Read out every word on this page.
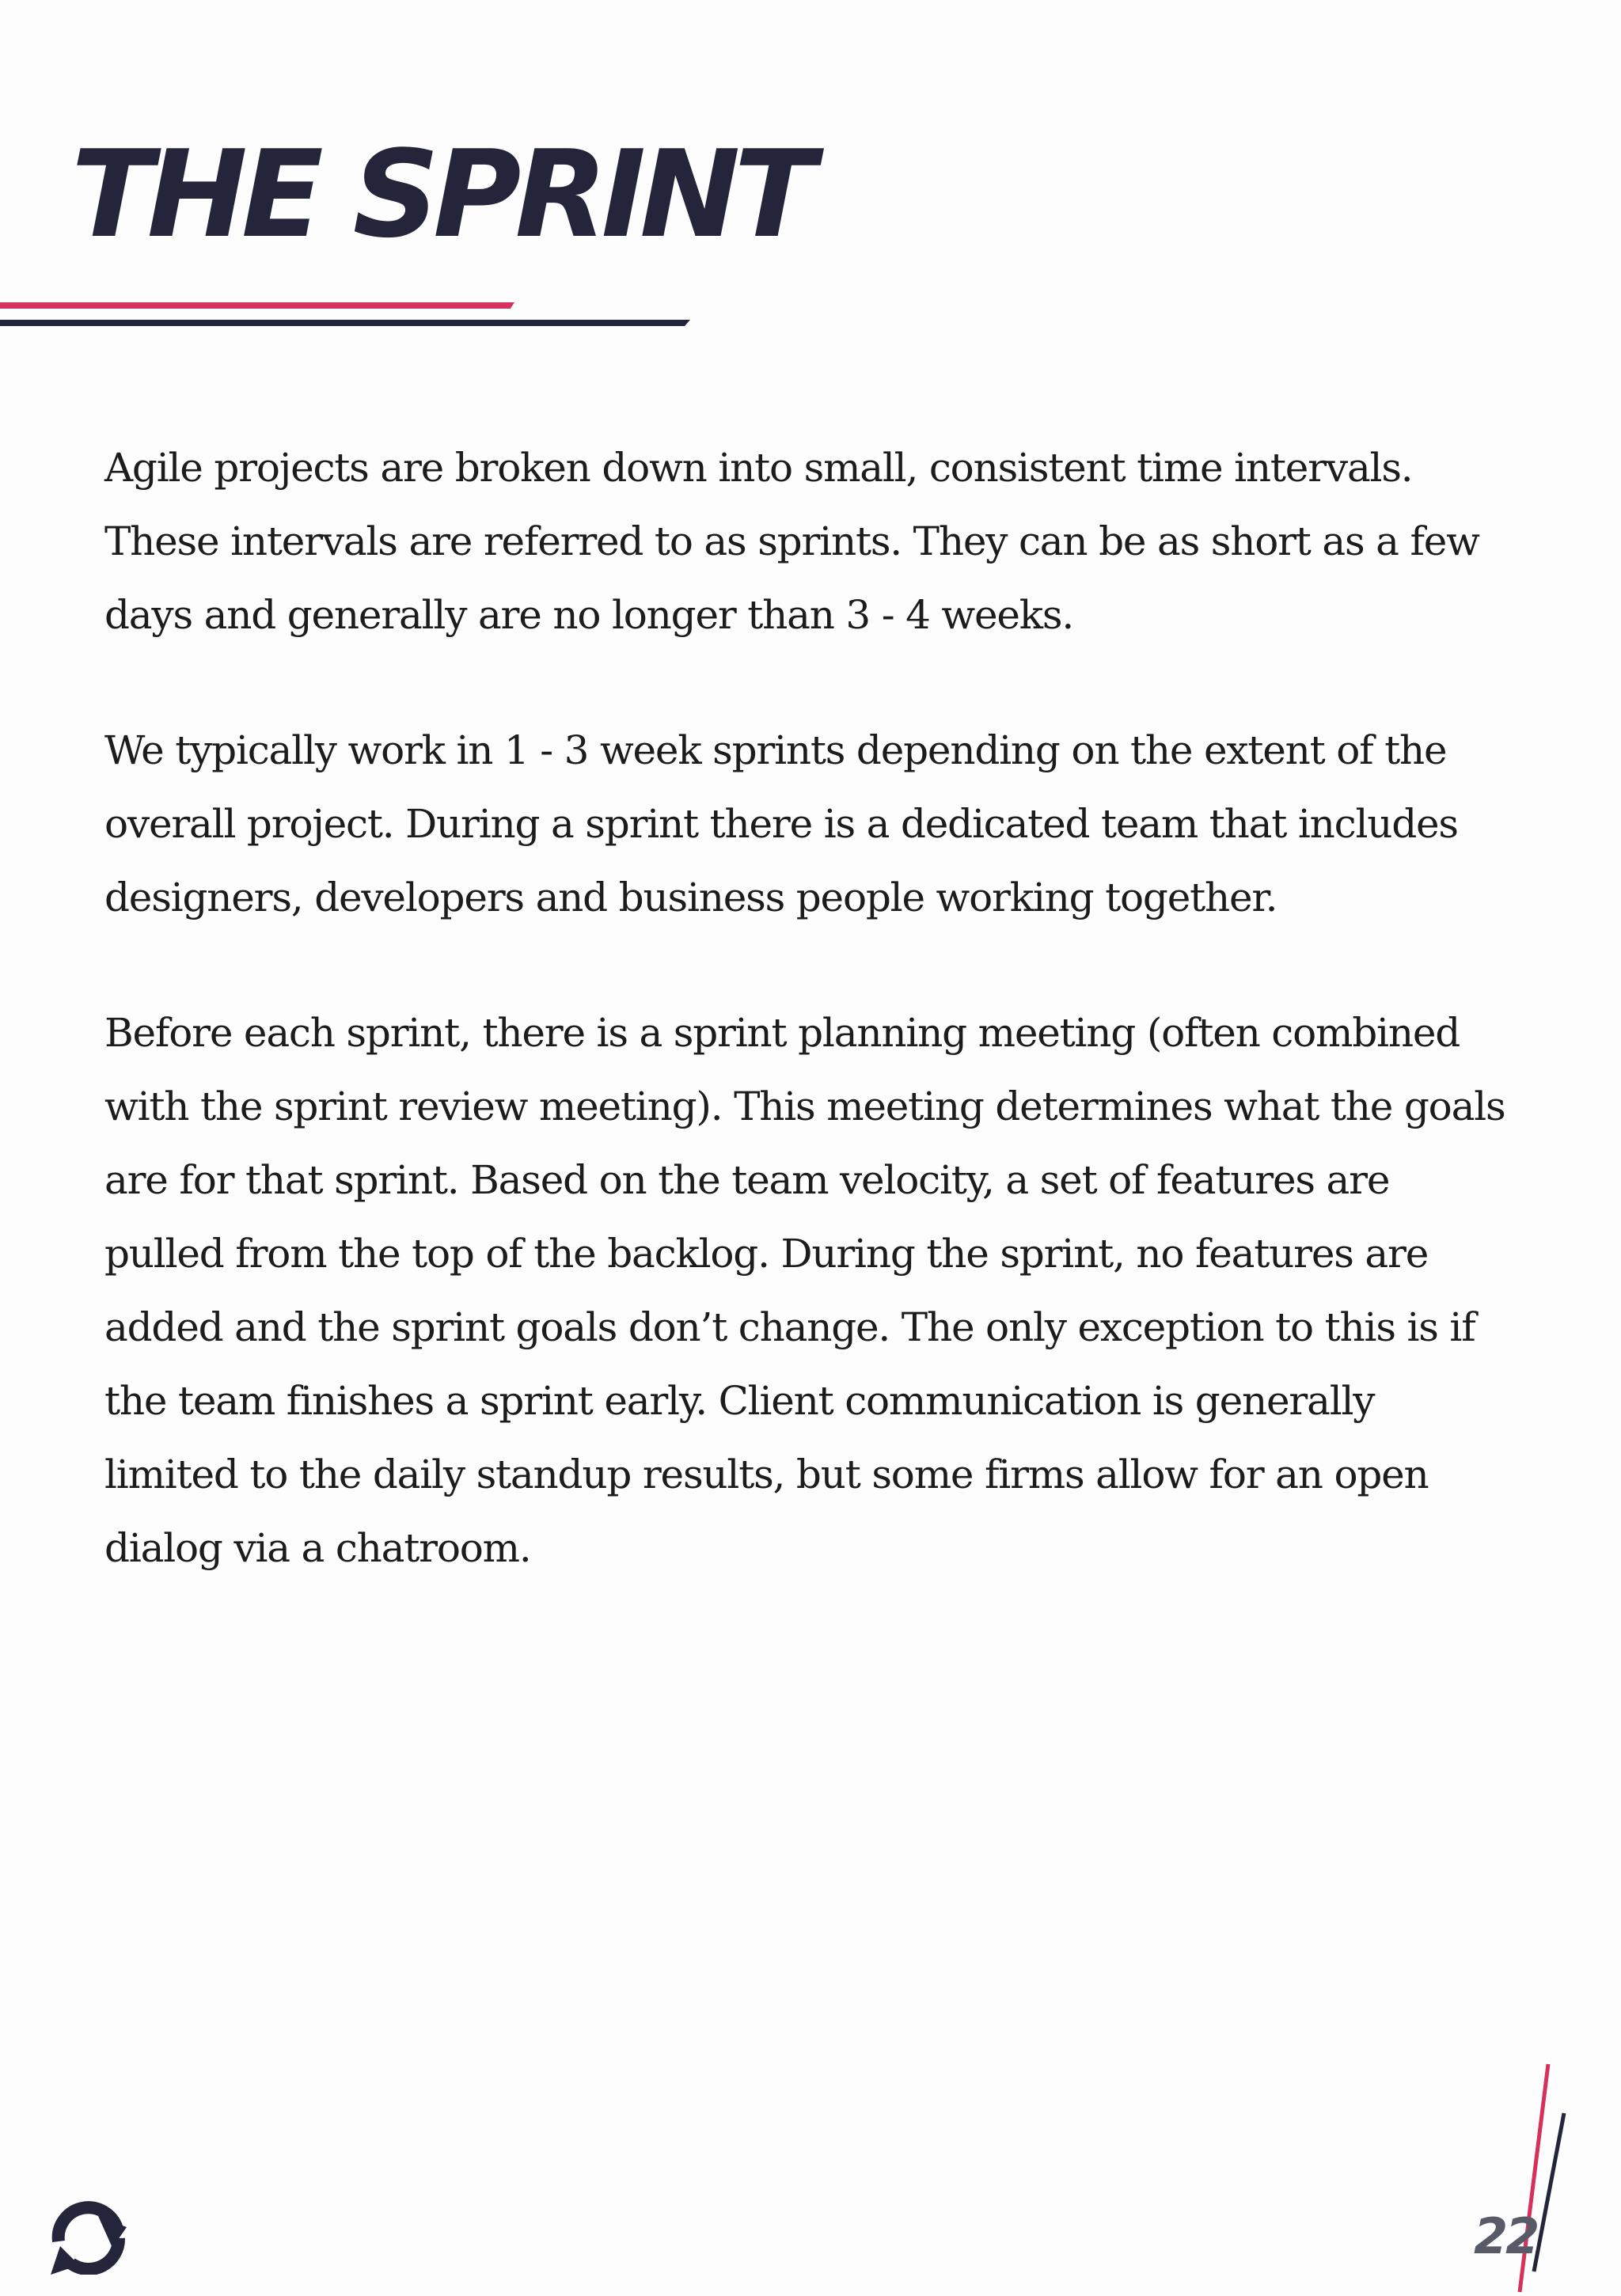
THE SPRINT

Agile projects are broken down into small, consistent time intervals. These intervals are referred to as sprints. They can be as short as a few days and generally are no longer than 3 - 4 weeks.

We typically work in 1 - 3 week sprints depending on the extent of the overall project. During a sprint there is a dedicated team that includes designers, developers and business people working together.

Before each sprint, there is a sprint planning meeting (often combined with the sprint review meeting). This meeting determines what the goals are for that sprint. Based on the team velocity, a set of features are pulled from the top of the backlog. During the sprint, no features are added and the sprint goals don’t change. The only exception to this is if the team finishes a sprint early. Client communication is generally limited to the daily standup results, but some firms allow for an open dialog via a chatroom.

22
